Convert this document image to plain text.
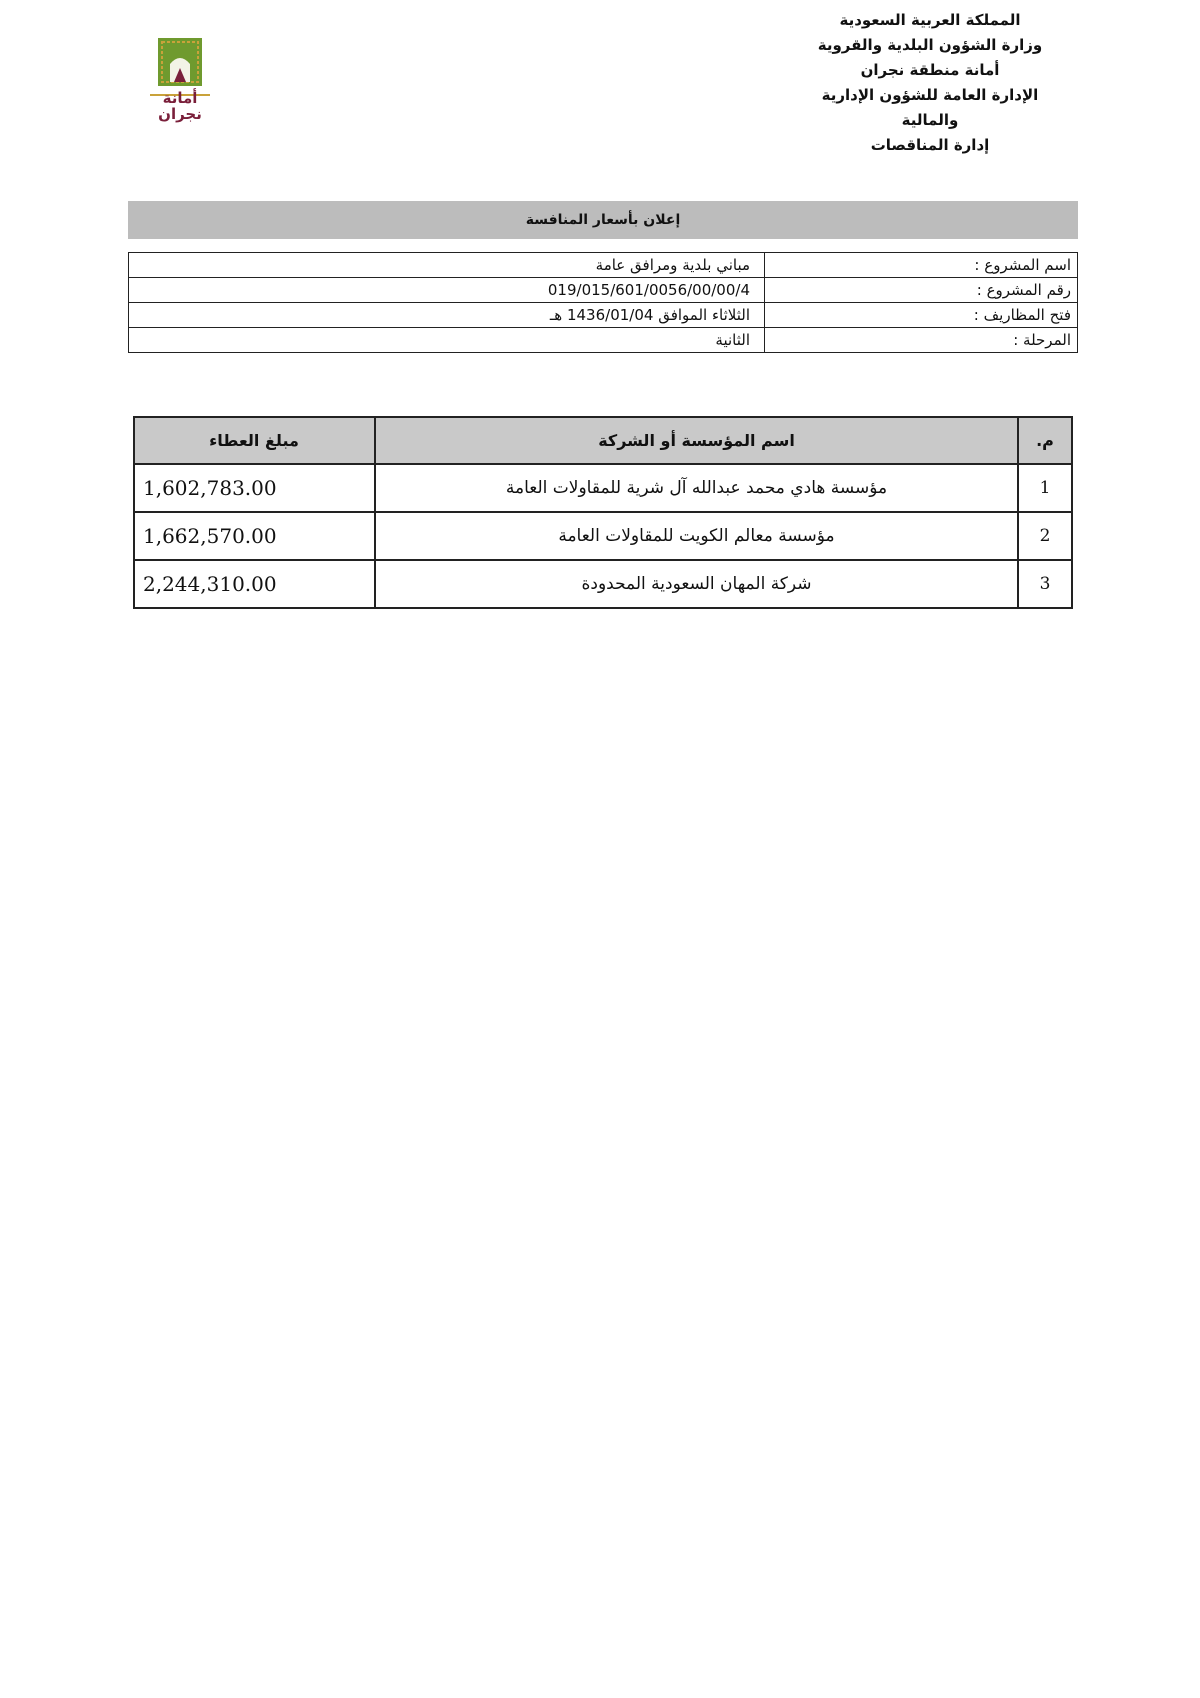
المملكة العربية السعودية
وزارة الشؤون البلدية والقروية
أمانة منطقة نجران
الإدارة العامة للشؤون الإدارية
والمالية
إدارة المناقصات
أمانة نجران
إعلان بأسعار المنافسة
اسم المشروع :	مباني بلدية ومرافق عامة
رقم المشروع :	019/015/601/0056/00/00/4
فتح المظاريف :	الثلاثاء الموافق 1436/01/04 هـ
المرحلة :	الثانية
م.	اسم المؤسسة أو الشركة	مبلغ العطاء
1	مؤسسة هادي محمد عبدالله آل شرية للمقاولات العامة	1,602,783.00
2	مؤسسة معالم الكويت للمقاولات العامة	1,662,570.00
3	شركة المهان السعودية المحدودة	2,244,310.00
